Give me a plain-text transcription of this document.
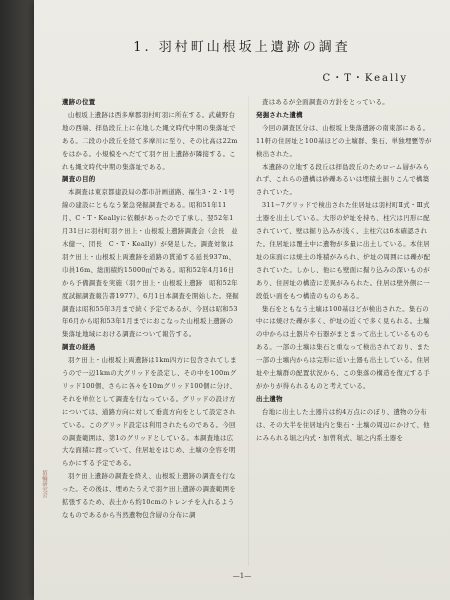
1. 羽村町山根坂上遺跡の調査
C・T・Keally
遺跡の位置
山根坂上遺跡は西多摩郡羽村町羽に所在する。武蔵野台地の西端、拝島段丘上に在地した縄文時代中期の集落址である。二段の小段丘を経て多摩川に至り、その比高は22mをはかる。小規模をへだてて羽ケ田上遺跡が隣接する。これも縄文時代中期の集落址である。
調査の目的
本調査は東京都建設局の都市計画道路、福生3・2・1号線の建設にともなう緊急発掘調査である。昭和51年11月、C・T・Keallyに依頼があったので了承し、翌52年1月31日に羽村町羽ケ田上・山根坂上遺跡調査会（会長　並木健一、団長　C・T・Keally）が発足した。調査対象は羽ケ田上・山根坂上両遺跡を道路の貫通する延長937m、巾員16m、総面積約15000㎡である。昭和52年4月16日から予備調査を実施（羽ケ田上・山根坂上遺跡　昭和52年度試掘調査報告書1977）、6月1日本調査を開始した。発掘調査は昭和55年3月まで続く予定であるが、今回は昭和53年6月から昭和53年1月までにおこなった山根坂上遺跡の集落址地域における調査について報告する。
調査の経過
羽ケ田上・山根坂上両遺跡は1km四方に包含されてしまうので一辺1kmの大グリッドを設定し、その中を100mグリッド100個、さらに各々を10mグリッド100個に分け、それを単位として調査を行なっている。グリッドの設け方については、通路方向に対して垂直方向をとして設定されている。このグリッド設定は利用されたものである。今回の調査範囲は、第1のグリッドとしている。本調査地は広大な面積に渡っていて、住居址をはじめ、土壙の全容を明らかにする予定である。
羽ケ田上遺跡の調査を終え、山根坂上遺跡の調査を行なった。その後は、埋めたうえで羽ケ田上遺跡の調査範囲を拡張するため、表土から約10cmのトレンチを入れるようなものであるから当然遺物包含層の分布に調
査はあるが全面調査の方針をとっている。
発掘された遺構
今回の調査区分は、山根坂上集落遺跡の南東部にある。11軒の住居址と100基ほどの土壙群、集石、単独埋甕等が検出された。
本遺跡の立地する段丘は拝島段丘のためローム層がみられず、これらの遺構は砂礫あるいは埋積土掘りこんで構築されていた。
311−7グリッドで検出された住居址は羽村町Ⅱ式・Ⅲ式土器を出土している。大形の炉址を持ち、柱穴は円形に配されていて、壁は掘り込みが浅く、主柱穴は6本確認された。住居址は覆土中に遺物が多量に出土している。本住居址の床面には焼土の堆積がみられ、炉址の周囲には礫が配されていた。しかし、他にも壁面に掘り込みの深いものがあり、住居址の構造に差異がみられた。住居は壁外側に一段低い面をもつ構造のものもある。
集石をともなう土壙は100基ほどが検出された。集石の中には焼けた礫が多く、炉址の近くで多く見られる。土壙の中からは土器片や石器がまとまって出土しているものもある。一部の土壙は集石と重なって検出されており、また一部の土壙内からは完形に近い土器も出土している。住居址や土壙群の配置状況から、この集落の構造を復元する手がかりが得られるものと考えている。
出土遺物
台地に出土した土器片は約4万点にのぼり、遺物の分布は、その大半を住居址内と集石・土壙の周辺にかけて、他にみられる堀之内式・加曽利式、堀之内系土器を
—1—
埴輪研究会
